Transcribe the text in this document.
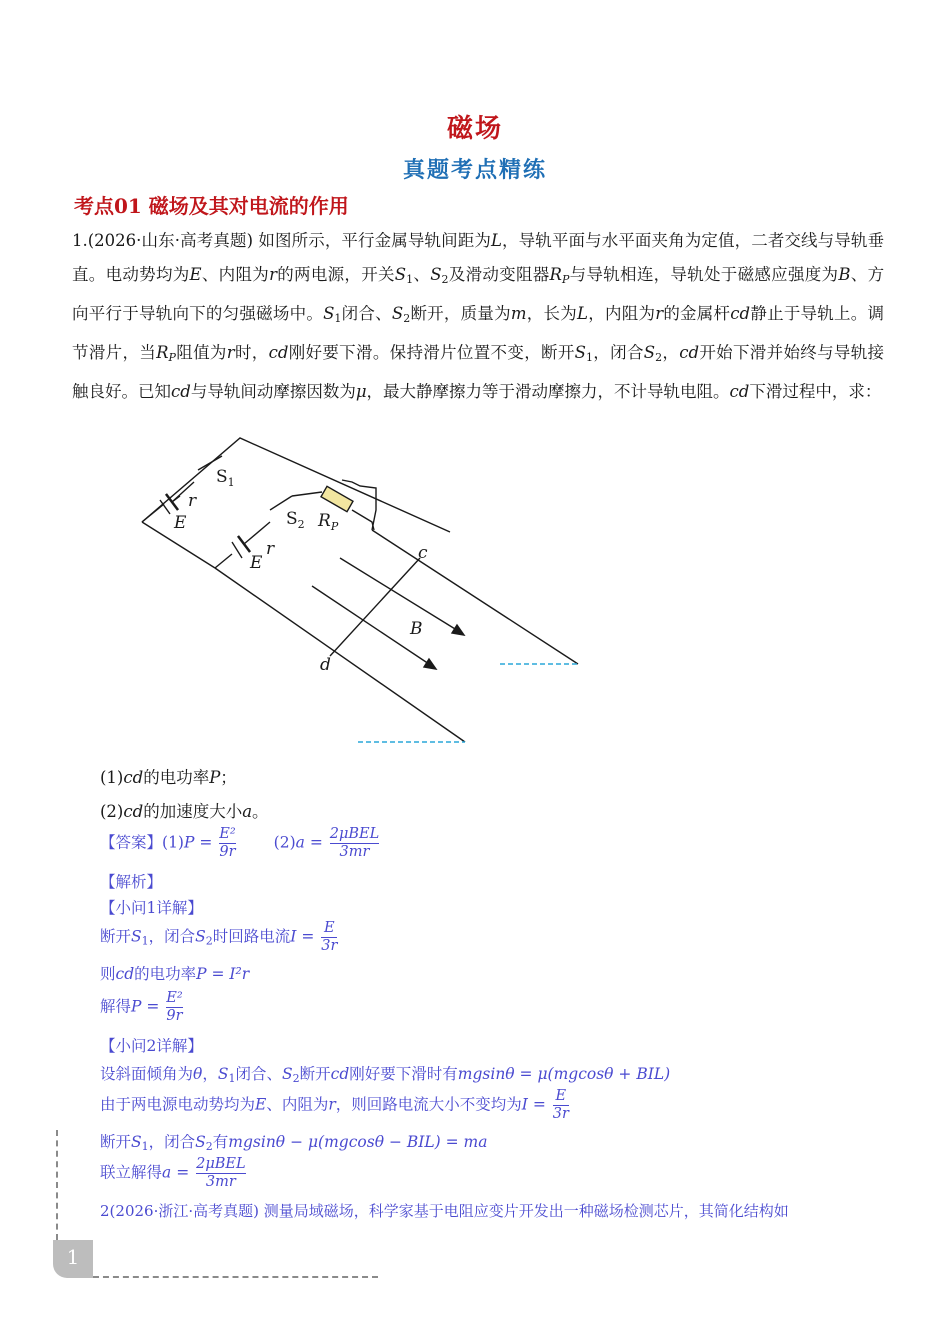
磁场
真题考点精练
考点01 磁场及其对电流的作用
1.(2026·山东·高考真题) 如图所示，平行金属导轨间距为L，导轨平面与水平面夹角为定值，二者交线与导轨垂直。电动势均为E、内阻为r的两电源，开关$S_1$、$S_2$及滑动变阻器$R_P$与导轨相连，导轨处于磁感应强度为B、方向平行于导轨向下的匀强磁场中。$S_1$闭合、$S_2$断开，质量为m，长为L，内阻为r的金属杆cd静止于导轨上。调节滑片，当$R_P$阻值为r时，cd刚好要下滑。保持滑片位置不变，断开$S_1$，闭合$S_2$，cd开始下滑并始终与导轨接触良好。已知cd与导轨间动摩擦因数为μ，最大静摩擦力等于滑动摩擦力，不计导轨电阻。cd下滑过程中，求：
$S_1$
r
E	$S_2$ $R_P$
r
E	c
d
B
(1)cd的电功率P；
(2)cd的加速度大小a。
【答案】$(1)P = \frac{\text{E²}}{9r} (2)a = \frac{\text{2μBEL}}{3mr}$
【解析】
【小问1详解】
断开$S_1$，闭合$S_2$时回路电流$I = \frac{E}{3r}$
则cd的电功率P = I²r
解得$P = \frac{\text{E²}}{9r}$
【小问2详解】
设斜面倾角为θ，$S_1$闭合、$S_2$断开cd刚好要下滑时有mgsinθ = μ(mgcosθ + BIL)
由于两电源电动势均为E、内阻为r，则回路电流大小不变均为$I = \frac{E}{3r}$
断开$S_1$，闭合$S_2$有mgsinθ − μ(mgcosθ − BIL) = ma
联立解得$a = \frac{\text{2μBEL}}{3mr}$
2(2026·浙江·高考真题) 测量局域磁场，科学家基于电阻应变片开发出一种磁场检测芯片，其简化结构如
1
